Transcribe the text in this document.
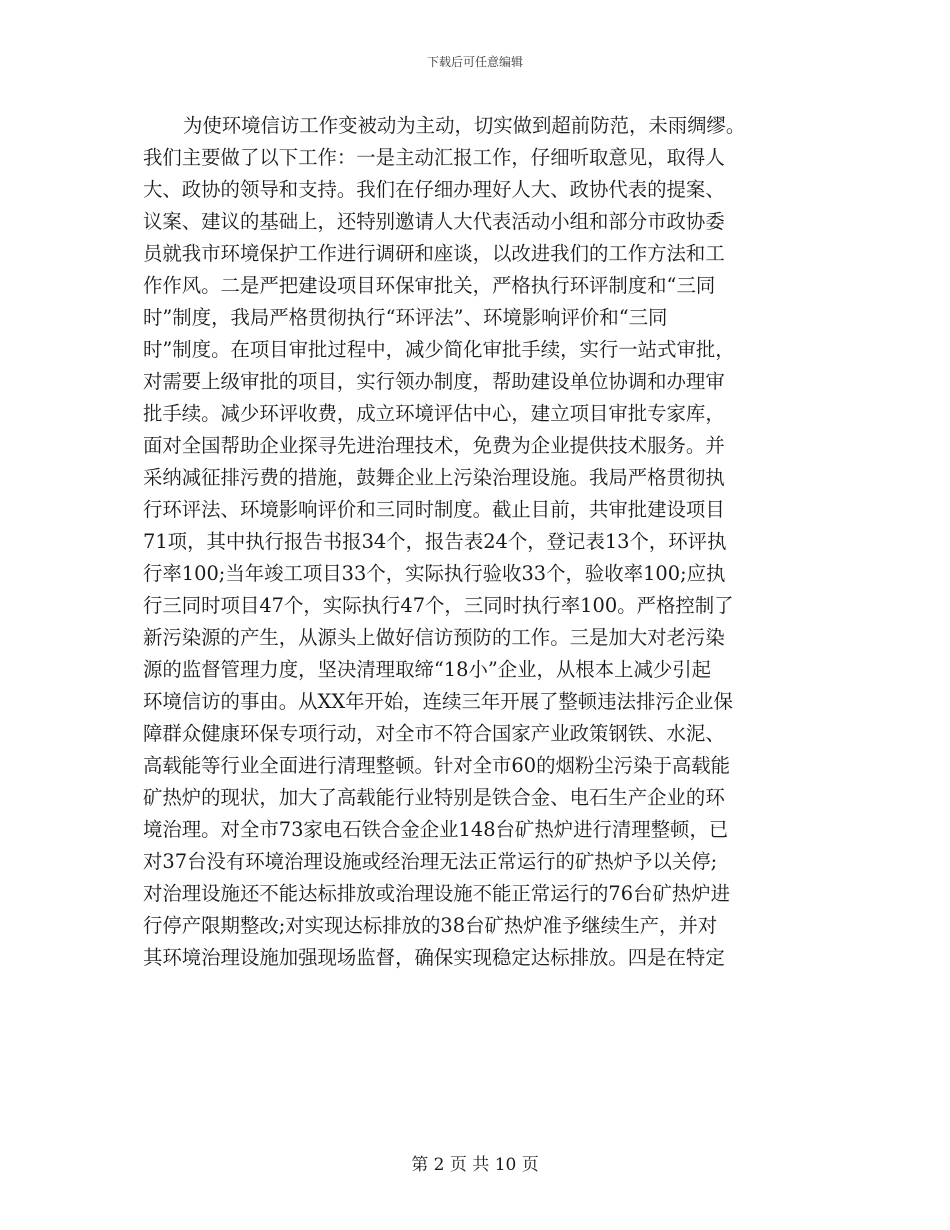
下载后可任意编辑
为使环境信访工作变被动为主动，切实做到超前防范，未雨绸缪。
我们主要做了以下工作：一是主动汇报工作，仔细听取意见，取得人
大、政协的领导和支持。我们在仔细办理好人大、政协代表的提案、
议案、建议的基础上，还特别邀请人大代表活动小组和部分市政协委
员就我市环境保护工作进行调研和座谈，以改进我们的工作方法和工
作作风。二是严把建设项目环保审批关，严格执行环评制度和“三同
时”制度，我局严格贯彻执行“环评法”、环境影响评价和“三同
时”制度。在项目审批过程中，减少简化审批手续，实行一站式审批，
对需要上级审批的项目，实行领办制度，帮助建设单位协调和办理审
批手续。减少环评收费，成立环境评估中心，建立项目审批专家库，
面对全国帮助企业探寻先进治理技术，免费为企业提供技术服务。并
采纳减征排污费的措施，鼓舞企业上污染治理设施。我局严格贯彻执
行环评法、环境影响评价和三同时制度。截止目前，共审批建设项目
71项，其中执行报告书报34个，报告表24个，登记表13个，环评执
行率100;当年竣工项目33个，实际执行验收33个，验收率100;应执
行三同时项目47个，实际执行47个，三同时执行率100。严格控制了
新污染源的产生，从源头上做好信访预防的工作。三是加大对老污染
源的监督管理力度，坚决清理取缔“18小”企业，从根本上减少引起
环境信访的事由。从XX年开始，连续三年开展了整顿违法排污企业保
障群众健康环保专项行动，对全市不符合国家产业政策钢铁、水泥、
高载能等行业全面进行清理整顿。针对全市60的烟粉尘污染于高载能
矿热炉的现状，加大了高载能行业特别是铁合金、电石生产企业的环
境治理。对全市73家电石铁合金企业148台矿热炉进行清理整顿，已
对37台没有环境治理设施或经治理无法正常运行的矿热炉予以关停;
对治理设施还不能达标排放或治理设施不能正常运行的76台矿热炉进
行停产限期整改;对实现达标排放的38台矿热炉准予继续生产，并对
其环境治理设施加强现场监督，确保实现稳定达标排放。四是在特定
第 2 页 共 10 页
